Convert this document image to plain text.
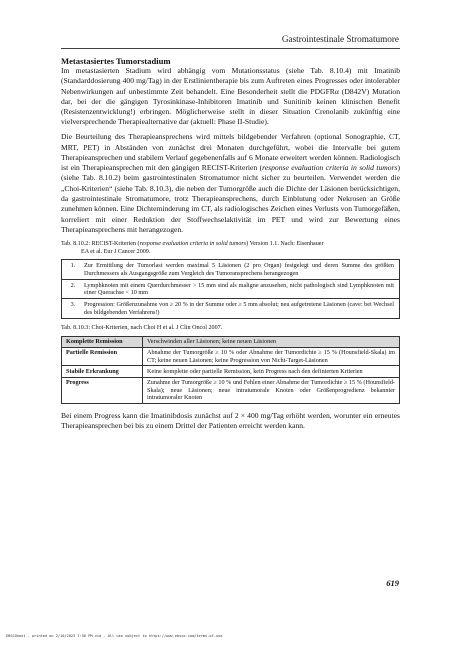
Gastrointestinale Stromatumore
Metastasiertes Tumorstadium

Im metastasierten Stadium wird abhängig vom Mutationsstatus (siehe Tab. 8.10.4) mit Imatinib (Standarddosierung 400 mg/Tag) in der Erstlinientherapie bis zum Auftreten eines Progresses oder intolerabler Nebenwirkungen auf unbestimmte Zeit behandelt. Eine Besonderheit stellt die PDGFRα (D842V) Mutation dar, bei der die gängigen Tyrosinkinase-Inhibitoren Imatinib und Sunitinib keinen klinischen Benefit (Resistenzentwicklung!) erbringen. Möglicherweise stellt in dieser Situation Crenolanib zukünftig eine vielversprechende Therapiealternative dar (aktuell: Phase II-Studie).

Die Beurteilung des Therapieansprechens wird mittels bildgebender Verfahren (optional Sonographie, CT, MRT, PET) in Abständen von zunächst drei Monaten durchgeführt, wobei die Intervalle bei gutem Therapieansprechen und stabilem Verlauf gegebenenfalls auf 6 Monate erweitert werden können. Radiologisch ist ein Therapieansprechen mit den gängigen RECIST-Kriterien (response evaluation criteria in solid tumors) (siehe Tab. 8.10.2) beim gastrointestinalen Stromatumor nicht sicher zu beurteilen. Verwendet werden die „Choi-Kriterien“ (siehe Tab. 8.10.3), die neben der Tumorgröße auch die Dichte der Läsionen berücksichtigen, da gastrointestinale Stromatumore, trotz Therapieansprechens, durch Einblutung oder Nekrosen an Größe zunehmen können. Eine Dichteminderung im CT, als radiologisches Zeichen eines Verlusts von Tumorgefäßen, korreliert mit einer Reduktion der Stoffwechselaktivität im PET und wird zur Bewertung eines Therapieansprechens mit herangezogen.

Tab. 8.10.2: RECIST-Kriterien (response evaluation criteria in solid tumors) Version 1.1. Nach: Eisenhauer
EA et al. Eur J Cancer 2009.
1.	Zur Ermittlung der Tumorlast werden maximal 5 Läsionen (2 pro Organ) festgelegt und deren Summe des größten Durchmessers als Ausgangsgröße zum Vergleich des Tumoransprechens herangezogen
2.	Lymphknoten mit einem Querdurchmesser > 15 mm sind als maligne anzusehen, nicht pathologisch sind Lymphknoten mit einer Querachse < 10 mm
3.	Progression: Größenzunahme von ≥ 20 % in der Summe oder ≥ 5 mm absolut; neu aufgetretene Läsionen (cave: bei Wechsel des bildgebenden Verfahrens!)
Tab. 8.10.3: Choi-Kriterien, nach Choi H et al. J Clin Oncol 2007.
Komplette Remission	Verschwinden aller Läsionen; keine neuen Läsionen
Partielle Remission	Abnahme der Tumorgröße ≥ 10 % oder Abnahme der Tumordichte ≥ 15 % (Hounsfield-Skala) im CT; keine neuen Läsionen; keine Progression von Nicht-Target-Läsionen
Stabile Erkrankung	Keine komplette oder partielle Remission, kein Progress nach den definierten Kriterien
Progress	Zunahme der Tumorgröße ≥ 10 % und Fehlen einer Abnahme der Tumordichte ≥ 15 % (Hounsfield-Skala); neue Läsionen; neue intratumorale Knoten oder Größenprogredienz bekannter intratumoraler Knoten

Bei einem Progress kann die Imatinibdosis zunächst auf 2 × 400 mg/Tag erhöht werden, worunter ein erneutes Therapieansprechen bei bis zu einem Drittel der Patienten erreicht werden kann.

619
EBSCOhost - printed on 2/10/2023 7:56 PM via . All use subject to https://www.ebsco.com/terms-of-use
